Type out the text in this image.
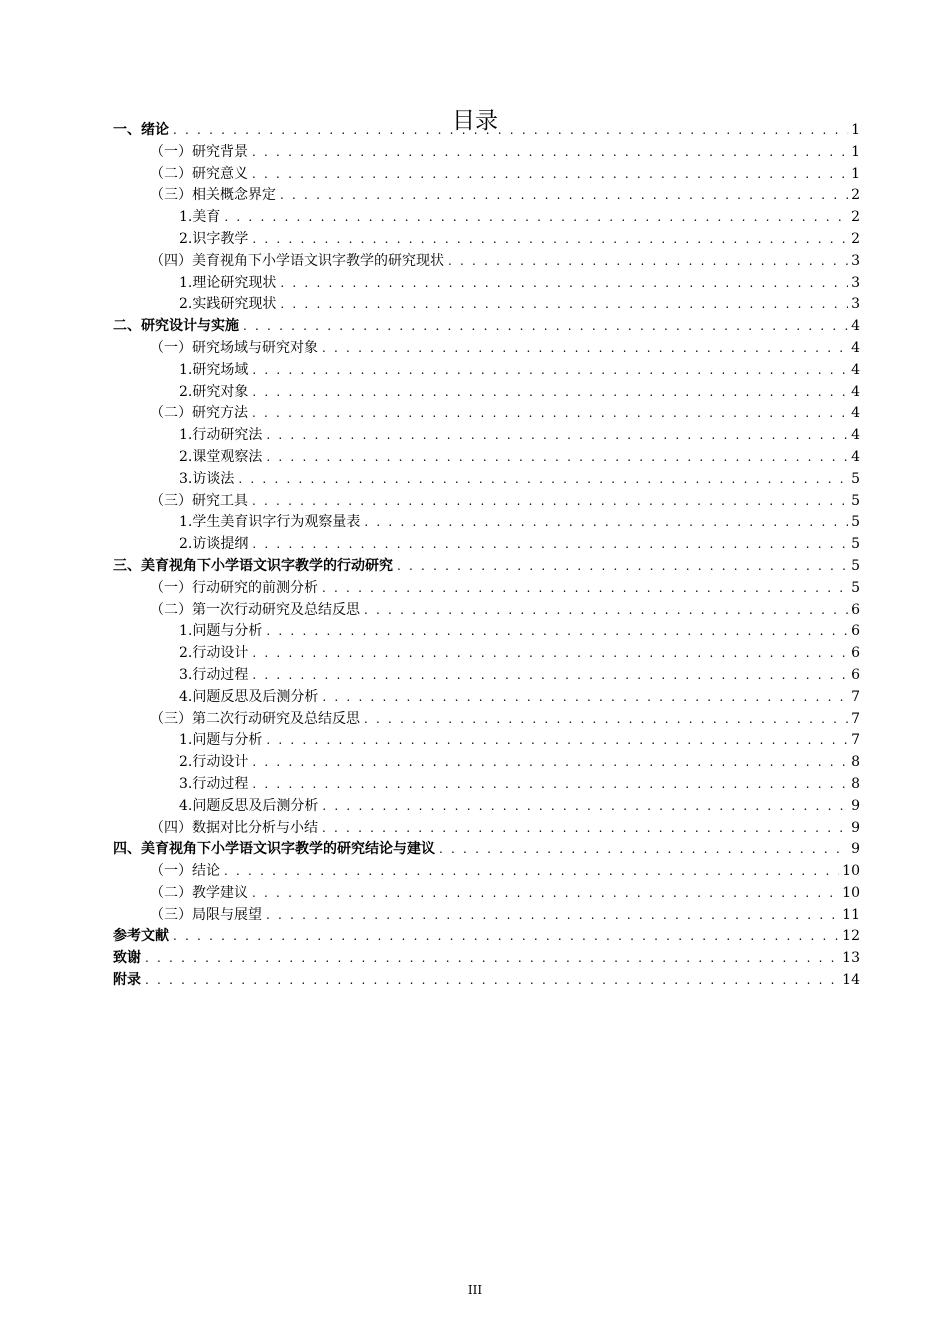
目录
一、绪论 . . .	1
（一）研究背景 . . .	1
（二）研究意义 . . .	1
（三）相关概念界定 . . .	2
1.美育 . . .	2
2.识字教学 . . .	2
（四）美育视角下小学语文识字教学的研究现状 . . .	3
1.理论研究现状 . . .	3
2.实践研究现状 . . .	3
二、研究设计与实施 . . .	4
（一）研究场域与研究对象 . . .	4
1.研究场域 . . .	4
2.研究对象 . . .	4
（二）研究方法 . . .	4
1.行动研究法 . . .	4
2.课堂观察法 . . .	4
3.访谈法 . . .	5
（三）研究工具 . . .	5
1.学生美育识字行为观察量表 . . .	5
2.访谈提纲 . . .	5
三、美育视角下小学语文识字教学的行动研究 . . .	5
（一）行动研究的前测分析 . . .	5
（二）第一次行动研究及总结反思 . . .	6
1.问题与分析 . . .	6
2.行动设计 . . .	6
3.行动过程 . . .	6
4.问题反思及后测分析 . . .	7
（三）第二次行动研究及总结反思 . . .	7
1.问题与分析 . . .	7
2.行动设计 . . .	8
3.行动过程 . . .	8
4.问题反思及后测分析 . . .	9
（四）数据对比分析与小结 . . .	9
四、美育视角下小学语文识字教学的研究结论与建议 . . .	9
（一）结论 . . .	10
（二）教学建议 . . .	10
（三）局限与展望 . . .	11
参考文献 . . .	12
致谢 . . .	13
附录 . . .	14
III
